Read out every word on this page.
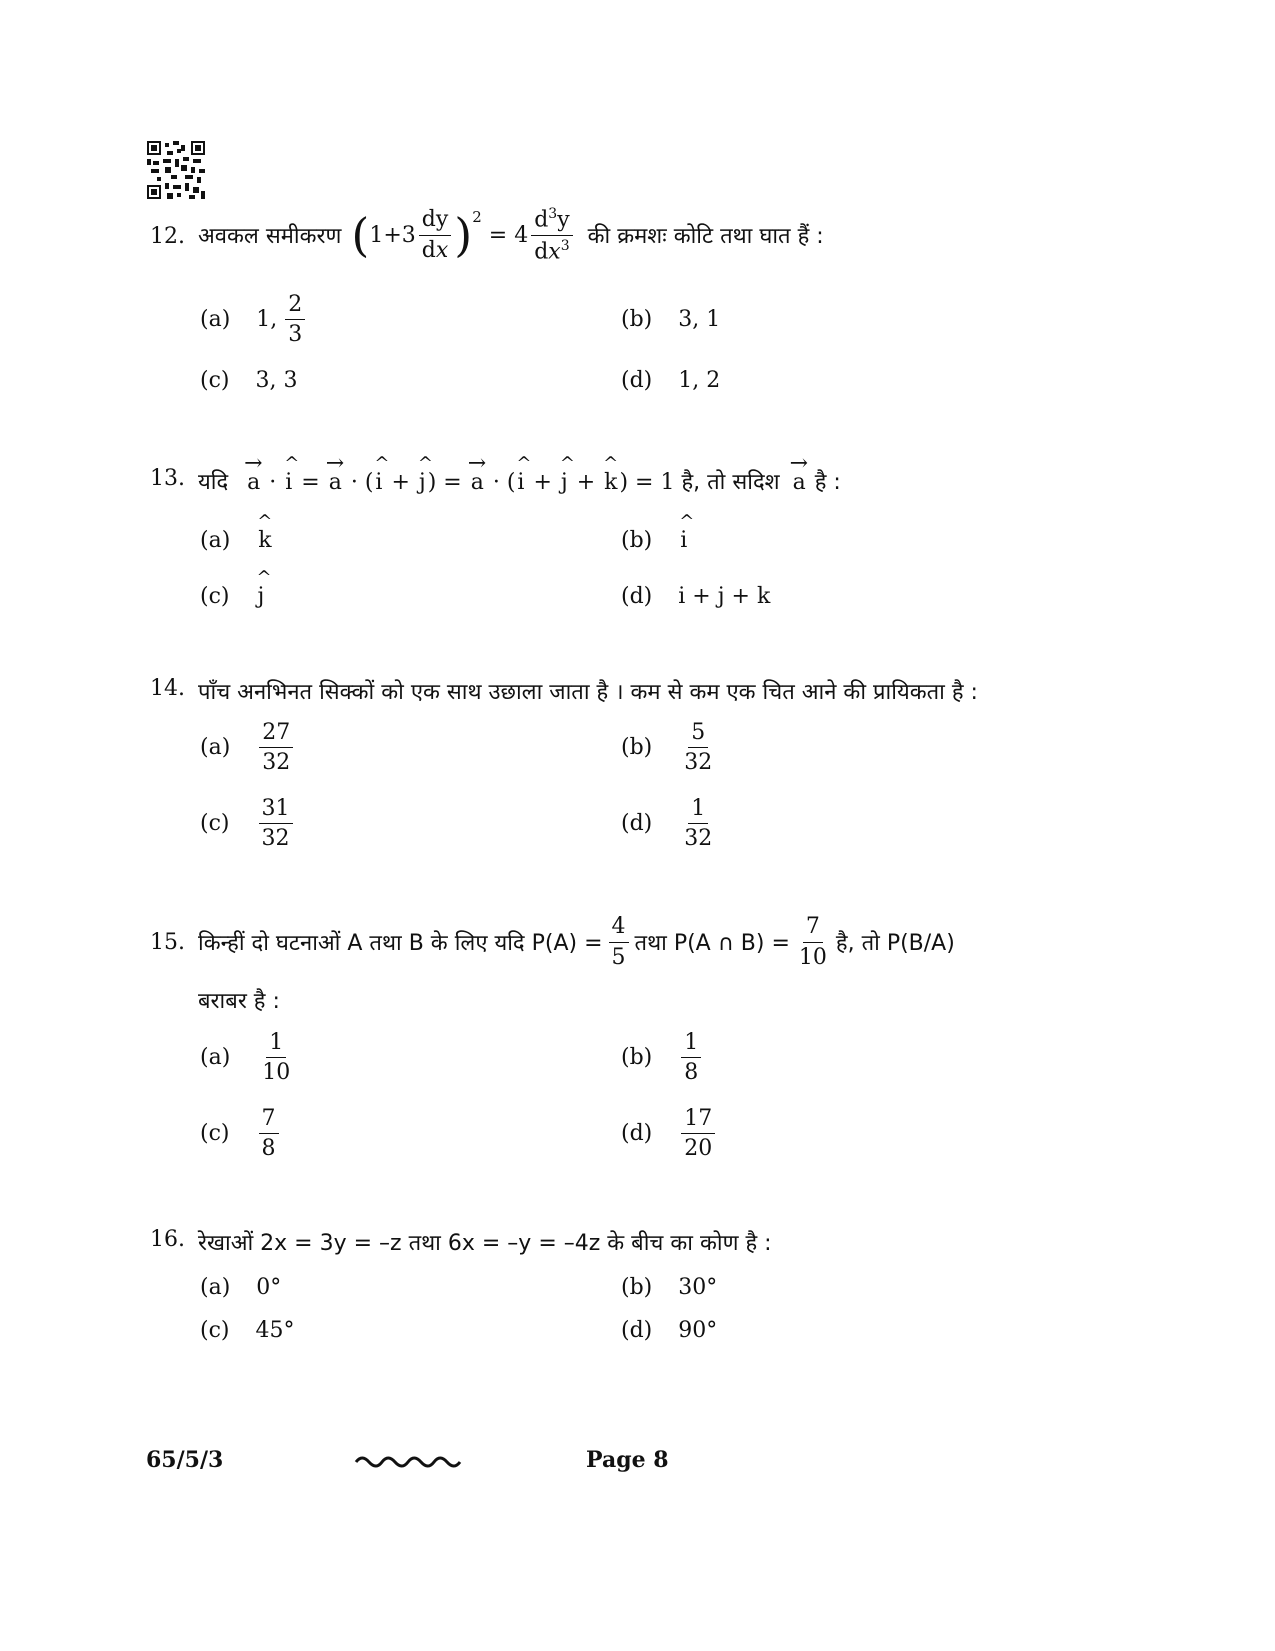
12. अवकल समीकरण ( $1+3 \frac{dy}{dx} )^2$
= $4 \frac{d^3y}{dx^3}$ की क्रमशः कोटि तथा घात हैं :
(a) 1, $\frac{2}{3}$	(b) 3, 1
(c) 3, 3	(d) 1, 2
13. यदि → a · ^ i = → a · (^ i + ^ j) = → a · (^ i + ^ j + ^ k) = 1 है, तो सदिश → a है :
(a) ^ k	(b) ^ i
(c) ^ j	(d) i + j + k
14. पाँच अनभिनत सिक्कों को एक साथ उछाला जाता है । कम से कम एक चित आने की प्रायिकता है :
$(a) \frac{27}{32}$	$(b) \frac{5}{32}$
$(c) \frac{31}{32}$	$(d) \frac{1}{32}$
15. किन्हीं दो घटनाओं A तथा B के लिए यदि $P(A) = \frac{4}{5}$ तथा P(A ∩ $B) = \frac{7}{10}$ है, तो P(B/A)
बराबर है :
$(a) \frac{1}{10}$	$(b) \frac{1}{8}$
$(c) \frac{7}{8}$	$(d) \frac{17}{20}$
16. रेखाओं 2x = 3y = –z तथा 6x = –y = –4z के बीच का कोण है :
(a) 0°	(b) 30°
(c) 45°	(d) 90°
65/5/3	Page 8
